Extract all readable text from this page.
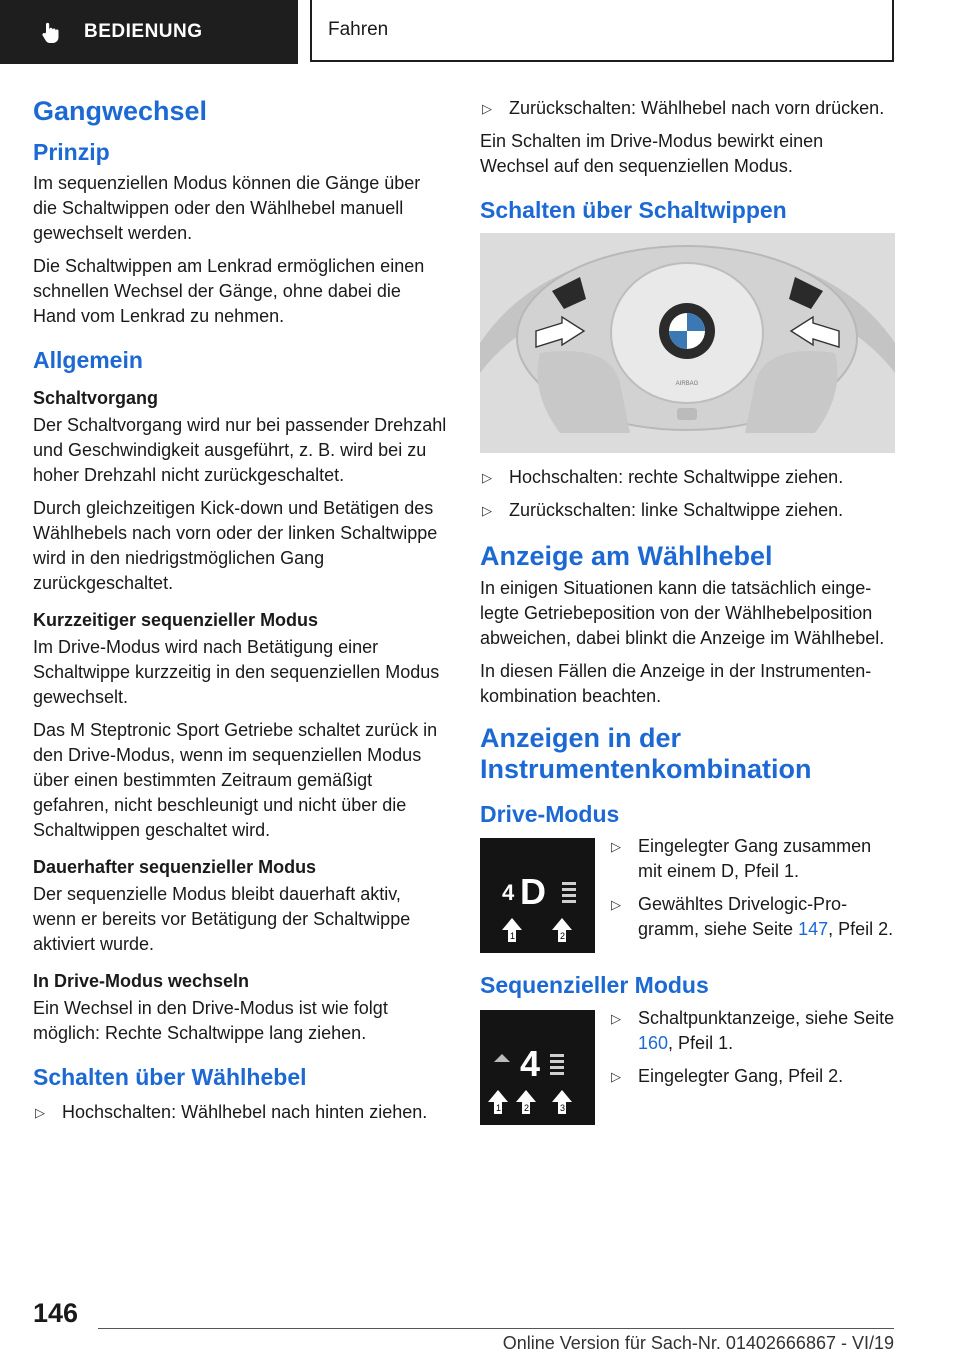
BEDIENUNG	Fahren
Gangwechsel
Prinzip

Im sequenziellen Modus können die Gänge über die Schaltwippen oder den Wählhebel manuell gewechselt werden.

Die Schaltwippen am Lenkrad ermöglichen einen schnellen Wechsel der Gänge, ohne dabei die Hand vom Lenkrad zu nehmen.

Allgemein
Schaltvorgang

Der Schaltvorgang wird nur bei passender Drehzahl und Geschwindigkeit ausgeführt, z. B. wird bei zu hoher Drehzahl nicht zurückgeschaltet.

Durch gleichzeitigen Kick-down und Betätigen des Wählhebels nach vorn oder der linken Schaltwippe wird in den niedrigstmöglichen Gang zurückgeschaltet.

Kurzzeitiger sequenzieller Modus

Im Drive-Modus wird nach Betätigung einer Schaltwippe kurzzeitig in den sequenziellen Modus gewechselt.

Das M Steptronic Sport Getriebe schaltet zurück in den Drive-Modus, wenn im sequenziellen Modus über einen bestimmten Zeitraum gemäßigt gefahren, nicht beschleunigt und nicht über die Schaltwippen geschaltet wird.

Dauerhafter sequenzieller Modus

Der sequenzielle Modus bleibt dauerhaft aktiv, wenn er bereits vor Betätigung der Schaltwippe aktiviert wurde.

In Drive-Modus wechseln

Ein Wechsel in den Drive-Modus ist wie folgt möglich: Rechte Schaltwippe lang ziehen.

Schalten über Wählhebel
▷ Hochschalten: Wählhebel nach hinten ziehen.
▷ Zurückschalten: Wählhebel nach vorn drücken.

Ein Schalten im Drive-Modus bewirkt einen Wechsel auf den sequenziellen Modus.

Schalten über Schaltwippen
AIRBAG
▷ Hochschalten: rechte Schaltwippe ziehen.
▷ Zurückschalten: linke Schaltwippe ziehen.
Anzeige am Wählhebel

In einigen Situationen kann die tatsächlich eingelegte Getriebeposition von der Wählhebelposition abweichen, dabei blinkt die Anzeige im Wählhebel.

In diesen Fällen die Anzeige in der Instrumentenkombination beachten.

Anzeigen in der
Instrumentenkombination
Drive-Modus
4 D
1	2
▷ Eingelegter Gang zusammen mit einem D, Pfeil 1.
▷ Gewähltes Drivelogic-Programm, siehe Seite 147, Pfeil 2.
Sequenzieller Modus
4
1	2	3
▷ Schaltpunktanzeige, siehe Seite 160, Pfeil 1.
▷ Eingelegter Gang, Pfeil 2.
146
Online Version für Sach-Nr. 01402666867 - VI/19
